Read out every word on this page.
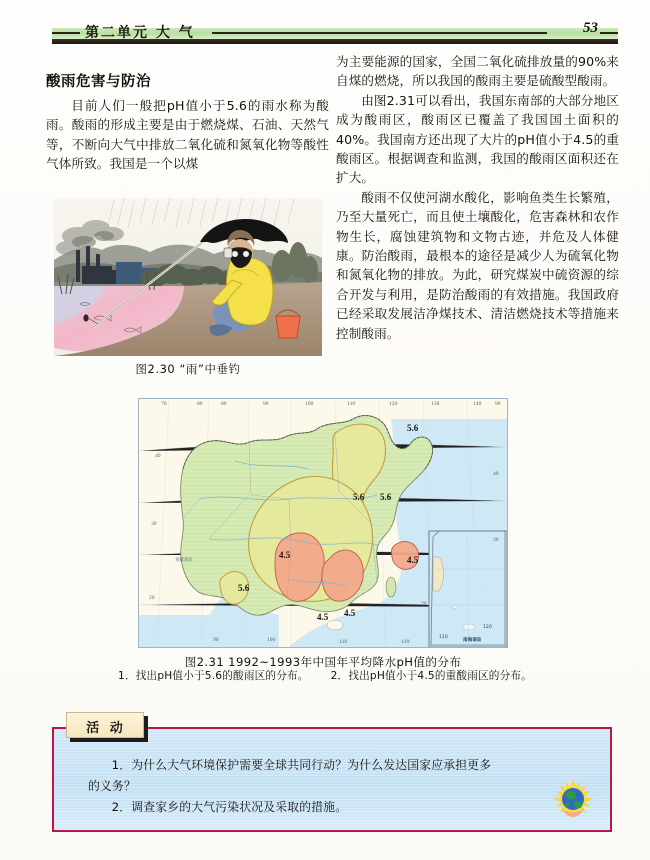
第二单元 大 气	53
酸雨危害与防治
目前人们一般把pH值小于5.6的雨水称为酸雨。酸雨的形成主要是由于燃烧煤、石油、天然气等，不断向大气中排放二氧化硫和氮氧化物等酸性气体所致。我国是一个以煤
图2.30 “雨”中垂钓
为主要能源的国家，全国二氧化硫排放量的90%来自煤的燃烧，所以我国的酸雨主要是硫酸型酸雨。
由图2.31可以看出，我国东南部的大部分地区成为酸雨区，酸雨区已覆盖了我国国土面积的40%。我国南方还出现了大片的pH值小于4.5的重酸雨区。根据调查和监测，我国的酸雨区面积还在扩大。
酸雨不仅使河湖水酸化，影响鱼类生长繁殖，乃至大量死亡，而且使土壤酸化，危害森林和农作物生长，腐蚀建筑物和文物古迹，并危及人体健康。防治酸雨，最根本的途径是减少人为硫氧化物和氮氧化物的排放。为此，研究煤炭中硫资源的综合开发与利用，是防治酸雨的有效措施。我国政府已经采取发展洁净煤技术、清洁燃烧技术等措施来控制酸雨。
70	80	80	90	100	110	120	130	140 90
40
40
30
30
20
20
90	100	110	120
青藏高原
110
120
南海诸岛
5.6
5.6 5.6
5.6
4.5	4.5
4.5 4.5
图2.31 1992~1993年中国年平均降水pH值的分布
1．找出pH值小于5.6的酸雨区的分布。 2．找出pH值小于4.5的重酸雨区的分布。
活 动
1．为什么大气环境保护需要全球共同行动？为什么发达国家应承担更多
的义务？
2．调查家乡的大气污染状况及采取的措施。
